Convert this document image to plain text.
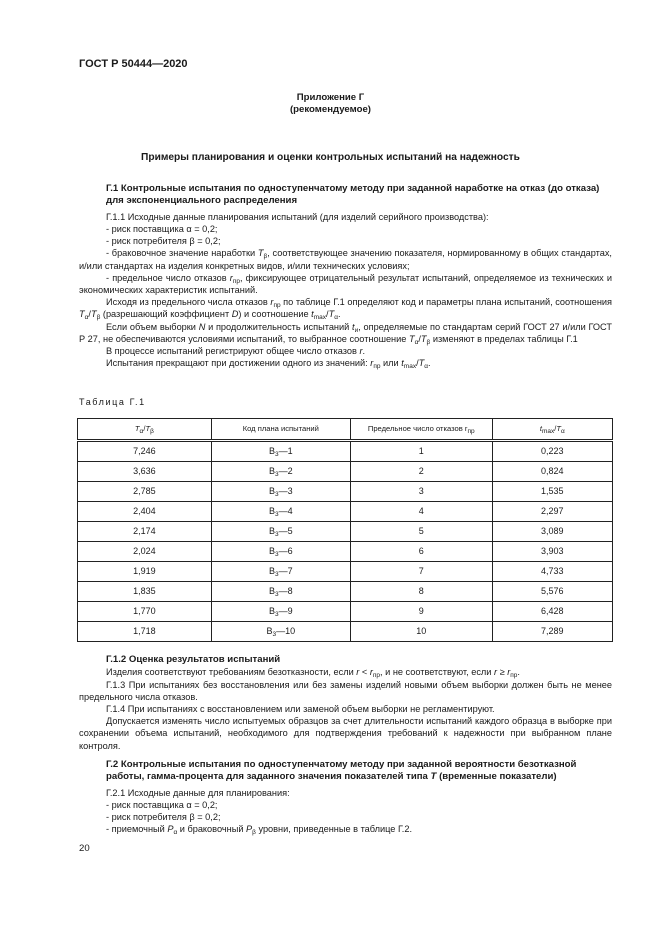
ГОСТ Р 50444—2020
Приложение Г
(рекомендуемое)
Примеры планирования и оценки контрольных испытаний на надежность
Г.1 Контрольные испытания по одноступенчатому методу при заданной наработке на отказ (до отказа) для экспоненциального распределения

Г.1.1 Исходные данные планирования испытаний (для изделий серийного производства):

- риск поставщика α = 0,2;

- риск потребителя β = 0,2;

- браковочное значение наработки $T_\beta$, соответствующее значению показателя, нормированному в общих стандартах, и/или стандартах на изделия конкретных видов, и/или технических условиях;

- предельное число отказов $r_{пр}$, фиксирующее отрицательный результат испытаний, определяемое из технических и экономических характеристик испытаний.

Исходя из предельного числа отказов $r_{пр}$ по таблице Г.1 определяют код и параметры плана испытаний, соотношения $T_\alpha/T_\beta$ (разрешающий коэффициент D) и соотношение $t_{max}/T_\alpha$.

Если объем выборки N и продолжительность испытаний $t_и$, определяемые по стандартам серий ГОСТ 27 и/или ГОСТ Р 27, не обеспечиваются условиями испытаний, то выбранное соотношение $T_\alpha/T_\beta$ изменяют в пределах таблицы Г.1

В процессе испытаний регистрируют общее число отказов r.

Испытания прекращают при достижении одного из значений: $r_{пр}$ или $t_{max}/T_\alpha$.

Таблица Г.1
$T_\alpha/T_\beta$	Код плана испытаний	Предельное число отказов $r_{пр}$	$t_{max}/T_\alpha$
7,246	$B_3—1$	1	0,223
3,636	$B_3—2$	2	0,824
2,785	$B_3—3$	3	1,535
2,404	$B_3—4$	4	2,297
2,174	$B_3—5$	5	3,089
2,024	$B_3—6$	6	3,903
1,919	$B_3—7$	7	4,733
1,835	$B_3—8$	8	5,576
1,770	$B_3—9$	9	6,428
1,718	$B_3—10$	10	7,289
Г.1.2 Оценка результатов испытаний

Изделия соответствуют требованиям безотказности, если $r < r_{пр}$, и не соответствуют, если $r \ge r_{пр}$.

Г.1.3 При испытаниях без восстановления или без замены изделий новыми объем выборки должен быть не менее предельного числа отказов.

Г.1.4 При испытаниях с восстановлением или заменой объем выборки не регламентируют.

Допускается изменять число испытуемых образцов за счет длительности испытаний каждого образца в выборке при сохранении объема испытаний, необходимого для подтверждения требований к надежности при выбранном плане контроля.

Г.2 Контрольные испытания по одноступенчатому методу при заданной вероятности безотказной работы, гамма-процента для заданного значения показателей типа T (временные показатели)

Г.2.1 Исходные данные для планирования:

- риск поставщика α = 0,2;

- риск потребителя β = 0,2;

- приемочный $P_\alpha$ и браковочный $P_\beta$ уровни, приведенные в таблице Г.2.

20
